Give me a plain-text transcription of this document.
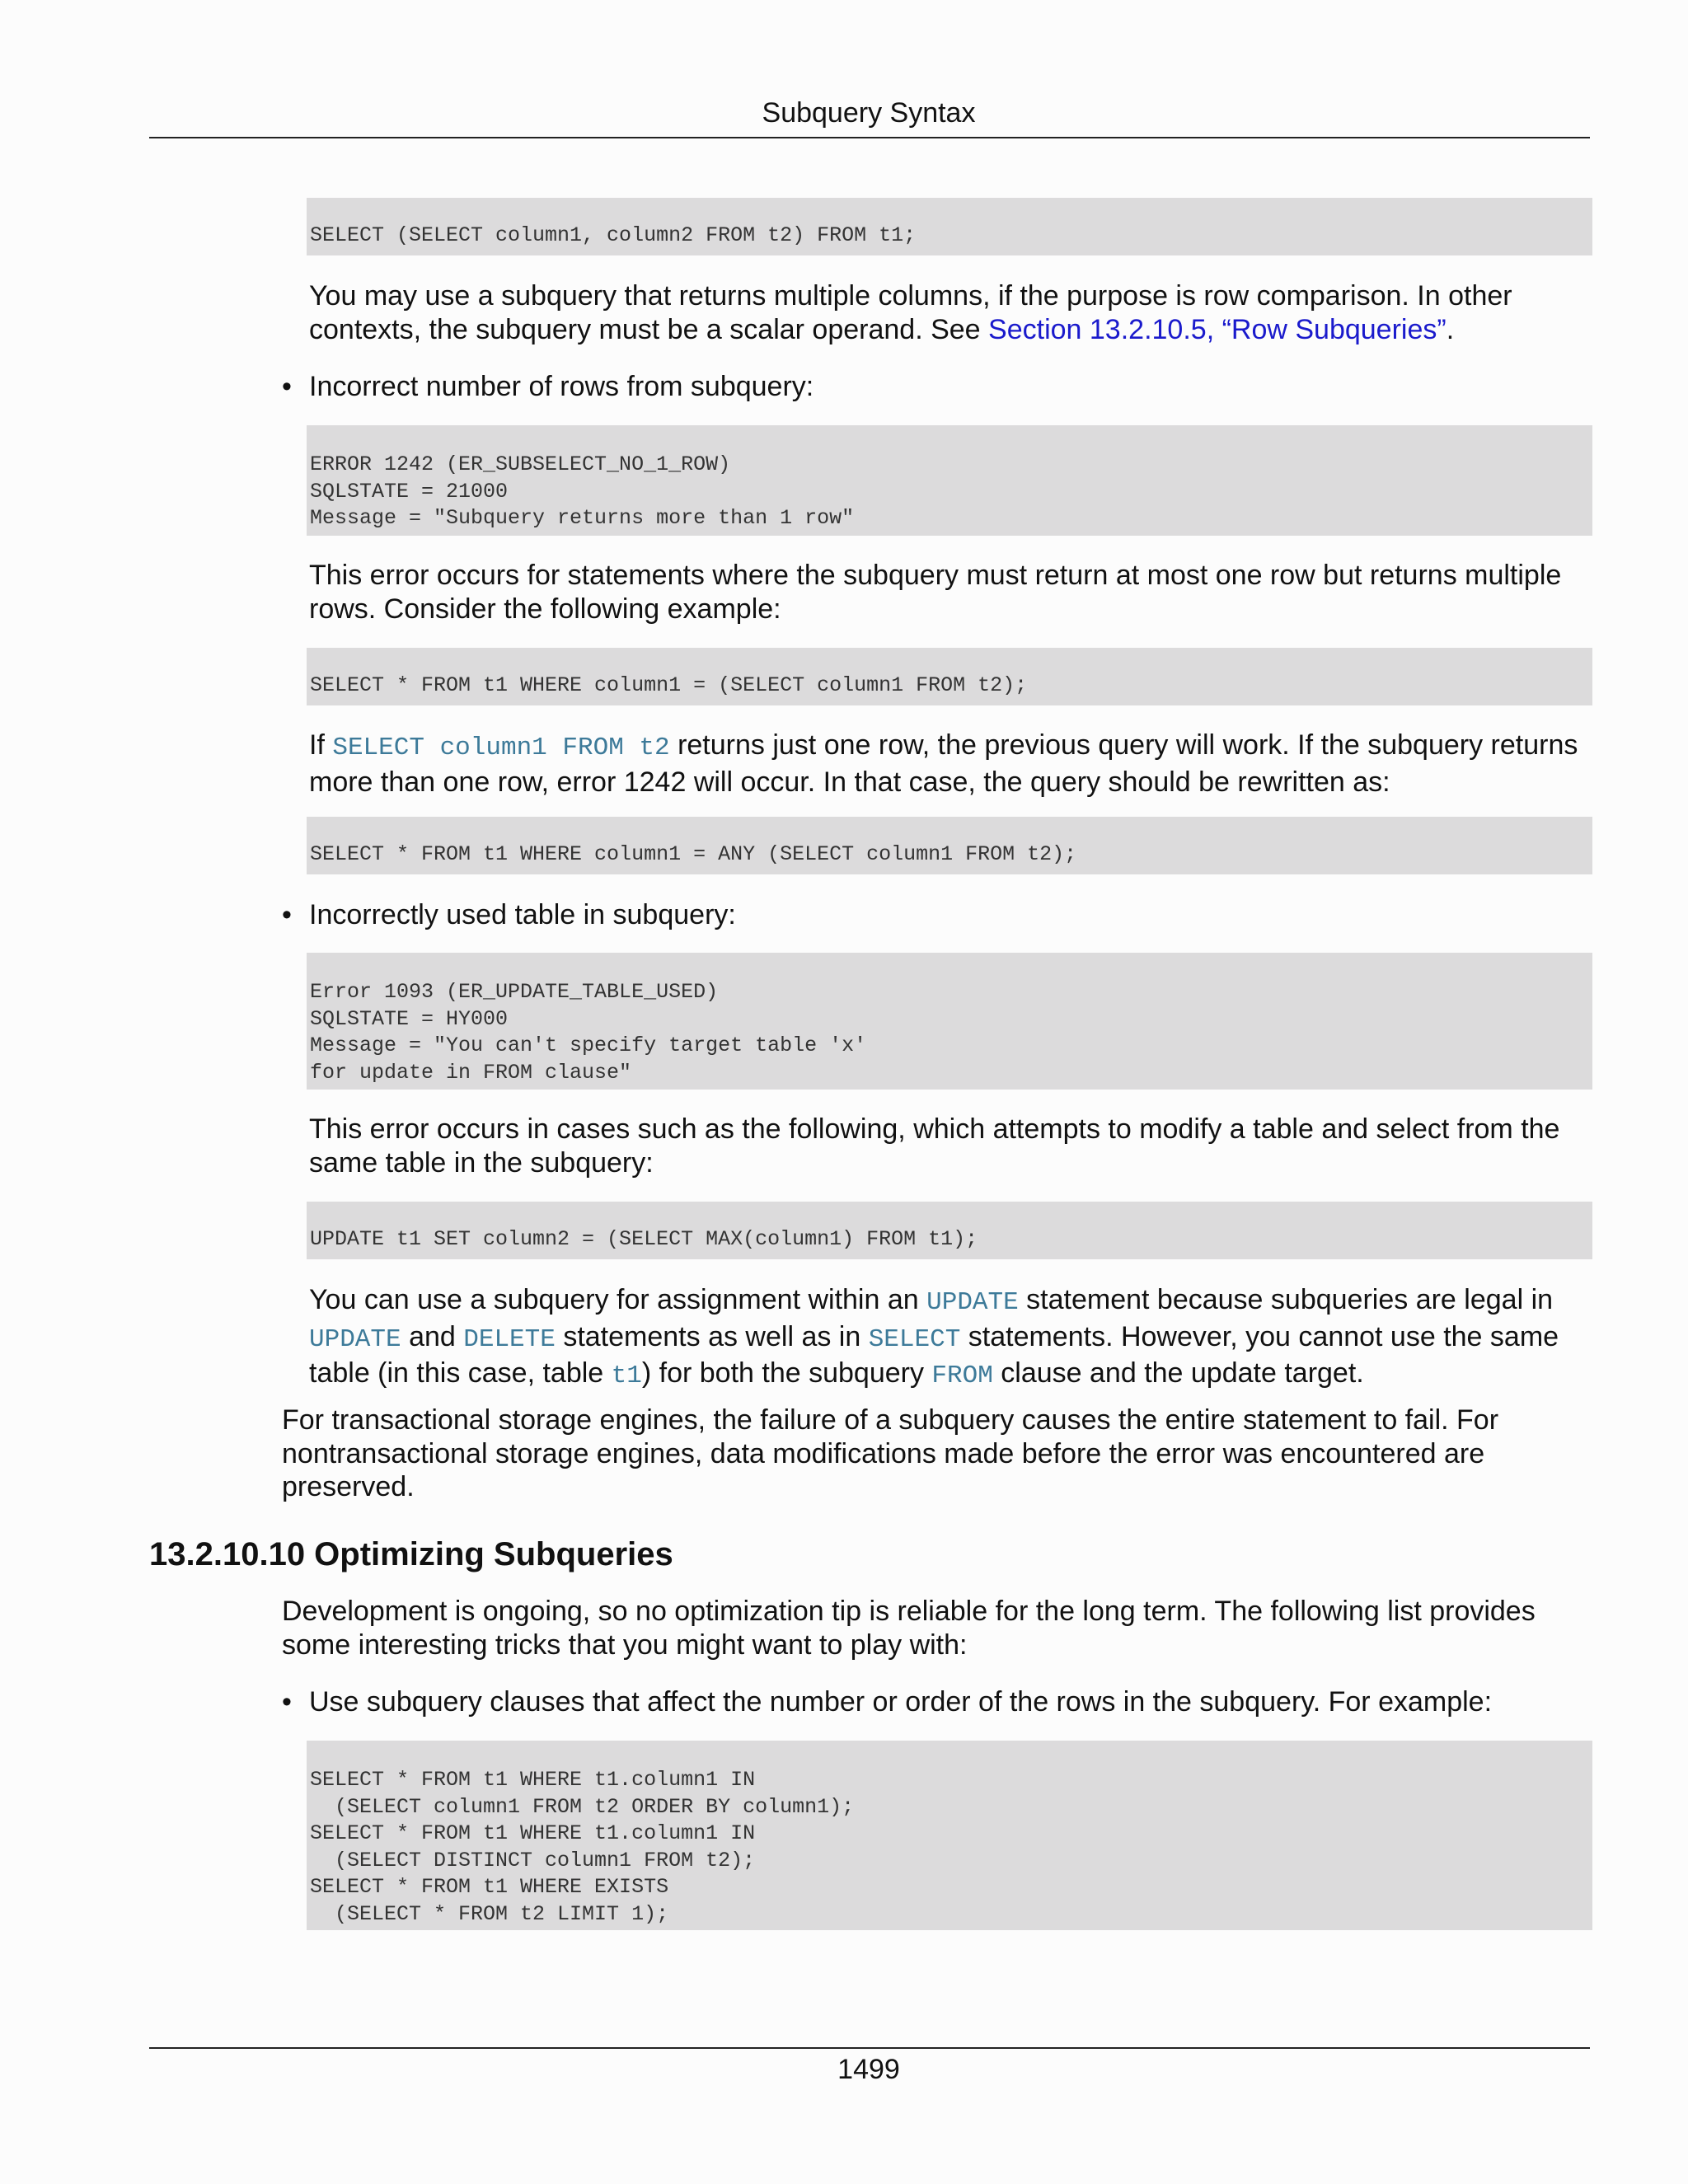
Subquery Syntax
SELECT (SELECT column1, column2 FROM t2) FROM t1;

You may use a subquery that returns multiple columns, if the purpose is row comparison. In other contexts, the subquery must be a scalar operand. See Section 13.2.10.5, “Row Subqueries”.

• Incorrect number of rows from subquery:
ERROR 1242 (ER_SUBSELECT_NO_1_ROW)
SQLSTATE = 21000
Message = "Subquery returns more than 1 row"

This error occurs for statements where the subquery must return at most one row but returns multiple rows. Consider the following example:

SELECT * FROM t1 WHERE column1 = (SELECT column1 FROM t2);

If SELECT column1 FROM t2 returns just one row, the previous query will work. If the subquery returns more than one row, error 1242 will occur. In that case, the query should be rewritten as:

SELECT * FROM t1 WHERE column1 = ANY (SELECT column1 FROM t2);
• Incorrectly used table in subquery:
Error 1093 (ER_UPDATE_TABLE_USED)
SQLSTATE = HY000
Message = "You can't specify target table 'x'
for update in FROM clause"

This error occurs in cases such as the following, which attempts to modify a table and select from the same table in the subquery:

UPDATE t1 SET column2 = (SELECT MAX(column1) FROM t1);

You can use a subquery for assignment within an UPDATE statement because subqueries are legal in UPDATE and DELETE statements as well as in SELECT statements. However, you cannot use the same table (in this case, table t1) for both the subquery FROM clause and the update target.

For transactional storage engines, the failure of a subquery causes the entire statement to fail. For nontransactional storage engines, data modifications made before the error was encountered are preserved.

13.2.10.10 Optimizing Subqueries

Development is ongoing, so no optimization tip is reliable for the long term. The following list provides some interesting tricks that you might want to play with:

• Use subquery clauses that affect the number or order of the rows in the subquery. For example:
SELECT * FROM t1 WHERE t1.column1 IN
(SELECT column1 FROM t2 ORDER BY column1);
SELECT * FROM t1 WHERE t1.column1 IN
(SELECT DISTINCT column1 FROM t2);
SELECT * FROM t1 WHERE EXISTS
(SELECT * FROM t2 LIMIT 1);
1499
